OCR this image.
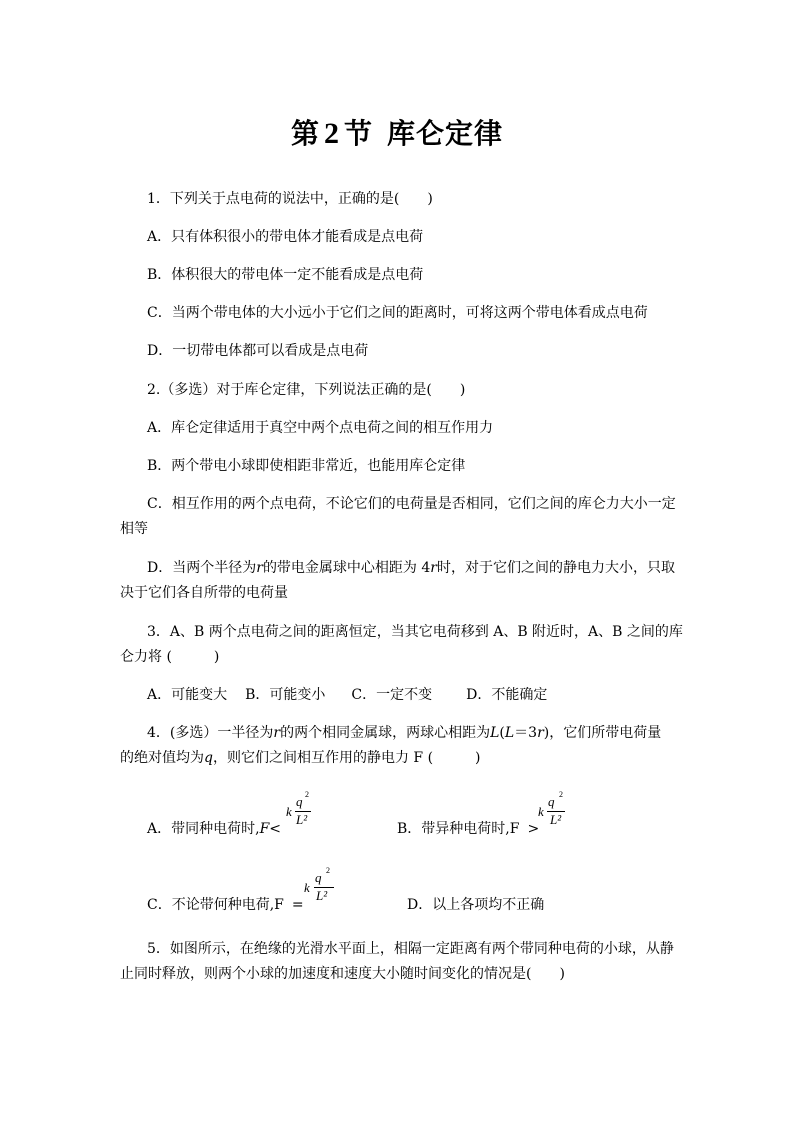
第 2 节 库仑定律
1．下列关于点电荷的说法中，正确的是(　　)
A．只有体积很小的带电体才能看成是点电荷
B．体积很大的带电体一定不能看成是点电荷
C．当两个带电体的大小远小于它们之间的距离时，可将这两个带电体看成点电荷
D．一切带电体都可以看成是点电荷
2.（多选）对于库仑定律，下列说法正确的是(　　)
A．库仑定律适用于真空中两个点电荷之间的相互作用力
B．两个带电小球即使相距非常近，也能用库仑定律
C．相互作用的两个点电荷，不论它们的电荷量是否相同，它们之间的库仑力大小一定
相等
D．当两个半径为r的带电金属球中心相距为 4r时，对于它们之间的静电力大小，只取
决于它们各自所带的电荷量
3．A、B 两个点电荷之间的距离恒定，当其它电荷移到 A、B 附近时，A、B 之间的库
仑力将 (　　　)
A．可能变大 B．可能变小 C．一定不变 D．不能确定
4．(多选）一半径为r的两个相同金属球，两球心相距为L(L＝3r)，它们所带电荷量
的绝对值均为q，则它们之间相互作用的静电力 F (　　　)
A．带同种电荷时,F<
k
q 2
L²
B．带异种电荷时,F >
k
q 2
L²
C．不论带何种电荷,F =
k
q 2
L²
D．以上各项均不正确
5．如图所示，在绝缘的光滑水平面上，相隔一定距离有两个带同种电荷的小球，从静
止同时释放，则两个小球的加速度和速度大小随时间变化的情况是(　　)
